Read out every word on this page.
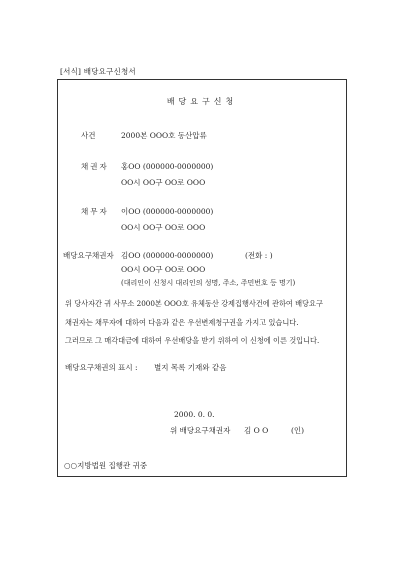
[서식] 배당요구신청서
배당요구신청
사건	2000본 OOO호 동산압류
채권자 홍OO (000000-0000000)
OO시 OO구 OO로 OOO
채무자 이OO (000000-0000000)
OO시 OO구 OO로 OOO
배당요구채권자 김OO (000000-0000000)	(전화 : )
OO시 OO구 OO로 OOO
(대리인이 신청시 대리인의 성명, 주소, 주민번호 등 명기)
위 당사자간 귀 사무소 2000본 OOO호 유체동산 강제집행사건에 관하여 배당요구
채권자는 채무자에 대하여 다음과 같은 우선변제청구권을 가지고 있습니다.
그러므로 그 매각대금에 대하여 우선배당을 받기 위하여 이 신청에 이른 것입니다.
배당요구채권의 표시 : 별지 목록 기재와 같음
2000. 0. 0.
위 배당요구채권자 김 O O	(인)
○○지방법원 집행관 귀중
